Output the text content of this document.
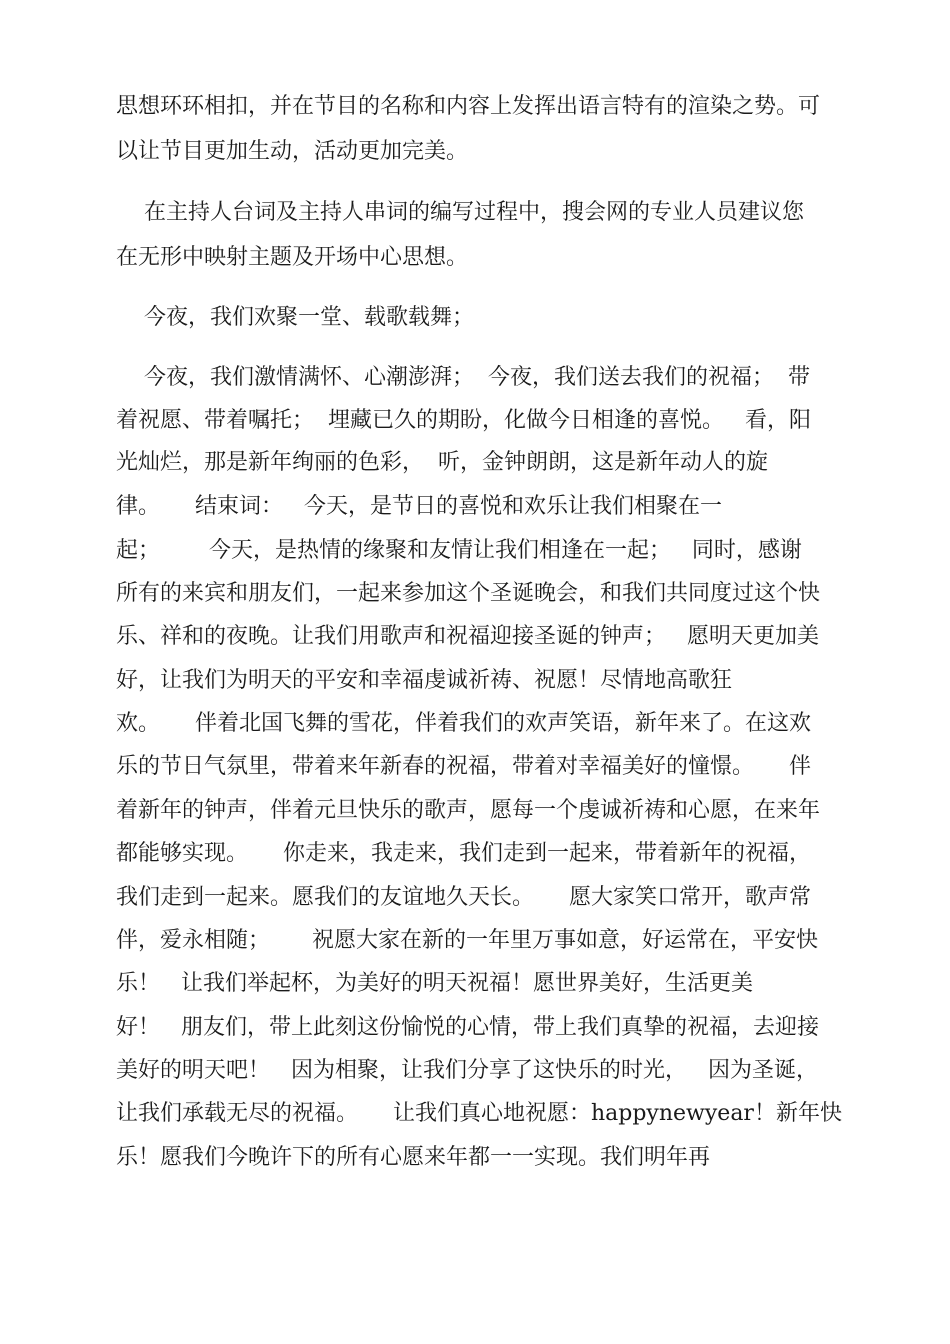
思想环环相扣，并在节目的名称和内容上发挥出语言特有的渲染之势。可
以让节目更加生动，活动更加完美。
在主持人台词及主持人串词的编写过程中，搜会网的专业人员建议您
在无形中映射主题及开场中心思想。
今夜，我们欢聚一堂、载歌载舞；
今夜，我们激情满怀、心潮澎湃；  今夜，我们送去我们的祝福；  带
着祝愿、带着嘱托；  埋藏已久的期盼，化做今日相逢的喜悦。   看，阳
光灿烂，那是新年绚丽的色彩，  听，金钟朗朗，这是新年动人的旋
律。     结束词：   今天，是节日的喜悦和欢乐让我们相聚在一
起；       今天，是热情的缘聚和友情让我们相逢在一起；   同时，感谢
所有的来宾和朋友们，一起来参加这个圣诞晚会，和我们共同度过这个快
乐、祥和的夜晚。让我们用歌声和祝福迎接圣诞的钟声；   愿明天更加美
好，让我们为明天的平安和幸福虔诚祈祷、祝愿！尽情地高歌狂
欢。     伴着北国飞舞的雪花，伴着我们的欢声笑语，新年来了。在这欢
乐的节日气氛里，带着来年新春的祝福，带着对幸福美好的憧憬。     伴
着新年的钟声，伴着元旦快乐的歌声，愿每一个虔诚祈祷和心愿，在来年
都能够实现。     你走来，我走来，我们走到一起来，带着新年的祝福，
我们走到一起来。愿我们的友谊地久天长。     愿大家笑口常开，歌声常
伴，爱永相随；      祝愿大家在新的一年里万事如意，好运常在，平安快
乐！   让我们举起杯，为美好的明天祝福！愿世界美好，生活更美
好！   朋友们，带上此刻这份愉悦的心情，带上我们真挚的祝福，去迎接
美好的明天吧！   因为相聚，让我们分享了这快乐的时光，   因为圣诞，
让我们承载无尽的祝福。     让我们真心地祝愿：happynewyear！新年快
乐！愿我们今晚许下的所有心愿来年都一一实现。我们明年再
